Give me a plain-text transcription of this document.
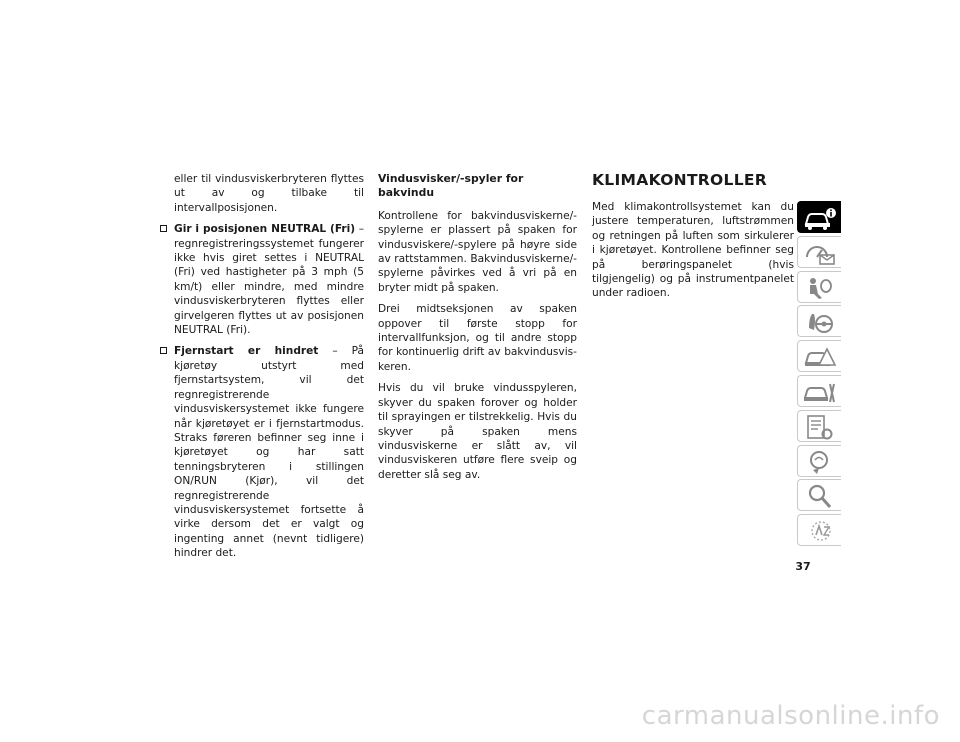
eller til vindusviskerbryteren flyttes ut av og tilbake til intervallposisjonen.

Gir i posisjonen NEUTRAL (Fri) – regnregistreringssystemet fungerer ikke hvis giret settes i NEUTRAL (Fri) ved hastigheter på 3 mph (5 km/t) eller mindre, med mindre vindusviskerbryteren flyttes eller girvelgeren flyttes ut av posisjonen NEUTRAL (Fri).
Fjernstart er hindret – På kjøretøy utstyrt med fjernstartsystem, vil det regnregistrerende vindusviskersystemet ikke fungere når kjøretøyet er i fjernstartmodus. Straks føreren befinner seg inne i kjøretøyet og har satt tenningsbryteren i stillingen ON/RUN (Kjør), vil det regnregistrerende vindusviskersystemet fortsette å virke dersom det er valgt og ingenting annet (nevnt tidligere) hindrer det.

Vindusvisker/-spyler for bakvindu

Kontrollene for bakvindusviskerne/-spylerne er plassert på spaken for vindusviskere/-spylere på høyre side av rattstammen. Bakvindusviskerne/-spylerne påvirkes ved å vri på en bryter midt på spaken.

Drei midtseksjonen av spaken oppover til første stopp for intervallfunksjon, og til andre stopp for kontinuerlig drift av bakvindusviskeren.

Hvis du vil bruke vindusspyleren, skyver du spaken forover og holder til sprayingen er tilstrekkelig. Hvis du skyver på spaken mens vindusviskerne er slått av, vil vindusviskeren utføre flere sveip og deretter slå seg av.

KLIMAKONTROLLER

Med klimakontrollsystemet kan du justere temperaturen, luftstrømmen og retningen på luften som sirkulerer i kjøretøyet. Kontrollene befinner seg på berøringspanelet (hvis tilgjengelig) og på instrumentpanelet under radioen.

37
carmanualsonline.info
